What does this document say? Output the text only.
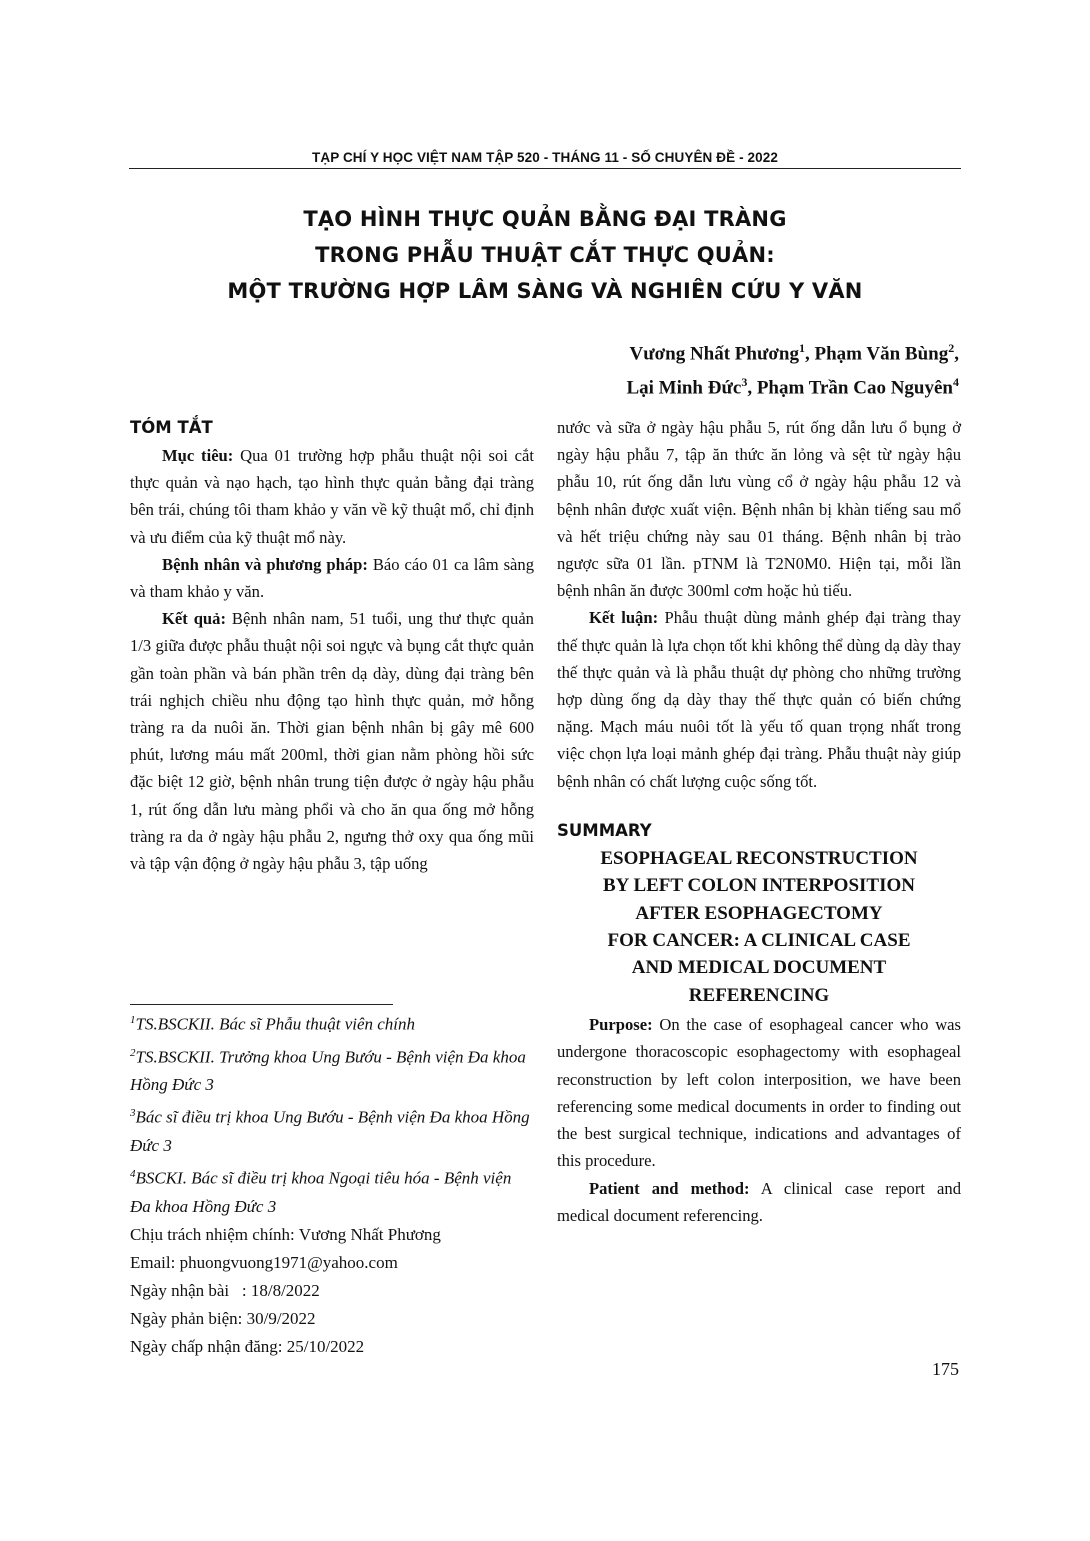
TẠP CHÍ Y HỌC VIỆT NAM TẬP 520 - THÁNG 11 - SỐ CHUYÊN ĐỀ - 2022
TẠO HÌNH THỰC QUẢN BẰNG ĐẠI TRÀNG
TRONG PHẪU THUẬT CẮT THỰC QUẢN:
MỘT TRƯỜNG HỢP LÂM SÀNG VÀ NGHIÊN CỨU Y VĂN
Vương Nhất Phương$^1$, Phạm Văn Bùng$^2$,
Lại Minh Đức$^3$, Phạm Trần Cao Nguyên$^4$
TÓM TẮT

Mục tiêu: Qua 01 trường hợp phẫu thuật nội soi cắt thực quản và nạo hạch, tạo hình thực quản bằng đại tràng bên trái, chúng tôi tham khảo y văn về kỹ thuật mổ, chỉ định và ưu điểm của kỹ thuật mổ này.

Bệnh nhân và phương pháp: Báo cáo 01 ca lâm sàng và tham khảo y văn.

Kết quả: Bệnh nhân nam, 51 tuổi, ung thư thực quản 1/3 giữa được phẫu thuật nội soi ngực và bụng cắt thực quản gần toàn phần và bán phần trên dạ dày, dùng đại tràng bên trái nghịch chiều nhu động tạo hình thực quản, mở hỗng tràng ra da nuôi ăn. Thời gian bệnh nhân bị gây mê 600 phút, lương máu mất 200ml, thời gian nằm phòng hồi sức đặc biệt 12 giờ, bệnh nhân trung tiện được ở ngày hậu phẫu 1, rút ống dẫn lưu màng phổi và cho ăn qua ống mở hỗng tràng ra da ở ngày hậu phẫu 2, ngưng thở oxy qua ống mũi và tập vận động ở ngày hậu phẫu 3, tập uống

$^1$TS.BSCKII. Bác sĩ Phẫu thuật viên chính
$^2$TS.BSCKII. Trưởng khoa Ung Bướu - Bệnh viện Đa khoa Hồng Đức 3
$^3$Bác sĩ điều trị khoa Ung Bướu - Bệnh viện Đa khoa Hồng Đức 3
$^4$BSCKI. Bác sĩ điều trị khoa Ngoại tiêu hóa - Bệnh viện Đa khoa Hồng Đức 3
Chịu trách nhiệm chính: Vương Nhất Phương
Email: phuongvuong1971@yahoo.com
Ngày nhận bài   : 18/8/2022
Ngày phản biện: 30/9/2022
Ngày chấp nhận đăng: 25/10/2022

nước và sữa ở ngày hậu phẫu 5, rút ống dẫn lưu ổ bụng ở ngày hậu phẫu 7, tập ăn thức ăn lỏng và sệt từ ngày hậu phẫu 10, rút ống dẫn lưu vùng cổ ở ngày hậu phẫu 12 và bệnh nhân được xuất viện. Bệnh nhân bị khàn tiếng sau mổ và hết triệu chứng này sau 01 tháng. Bệnh nhân bị trào ngược sữa 01 lần. pTNM là T2N0M0. Hiện tại, mỗi lần bệnh nhân ăn được 300ml cơm hoặc hủ tiếu.

Kết luận: Phẫu thuật dùng mảnh ghép đại tràng thay thế thực quản là lựa chọn tốt khi không thể dùng dạ dày thay thế thực quản và là phẫu thuật dự phòng cho những trường hợp dùng ống dạ dày thay thế thực quản có biến chứng nặng. Mạch máu nuôi tốt là yếu tố quan trọng nhất trong việc chọn lựa loại mảnh ghép đại tràng. Phẫu thuật này giúp bệnh nhân có chất lượng cuộc sống tốt.

SUMMARY
ESOPHAGEAL RECONSTRUCTION
BY LEFT COLON INTERPOSITION
AFTER ESOPHAGECTOMY
FOR CANCER: A CLINICAL CASE
AND MEDICAL DOCUMENT
REFERENCING

Purpose: On the case of esophageal cancer who was undergone thoracoscopic esophagectomy with esophageal reconstruction by left colon interposition, we have been referencing some medical documents in order to finding out the best surgical technique, indications and advantages of this procedure.

Patient and method: A clinical case report and medical document referencing.

175
